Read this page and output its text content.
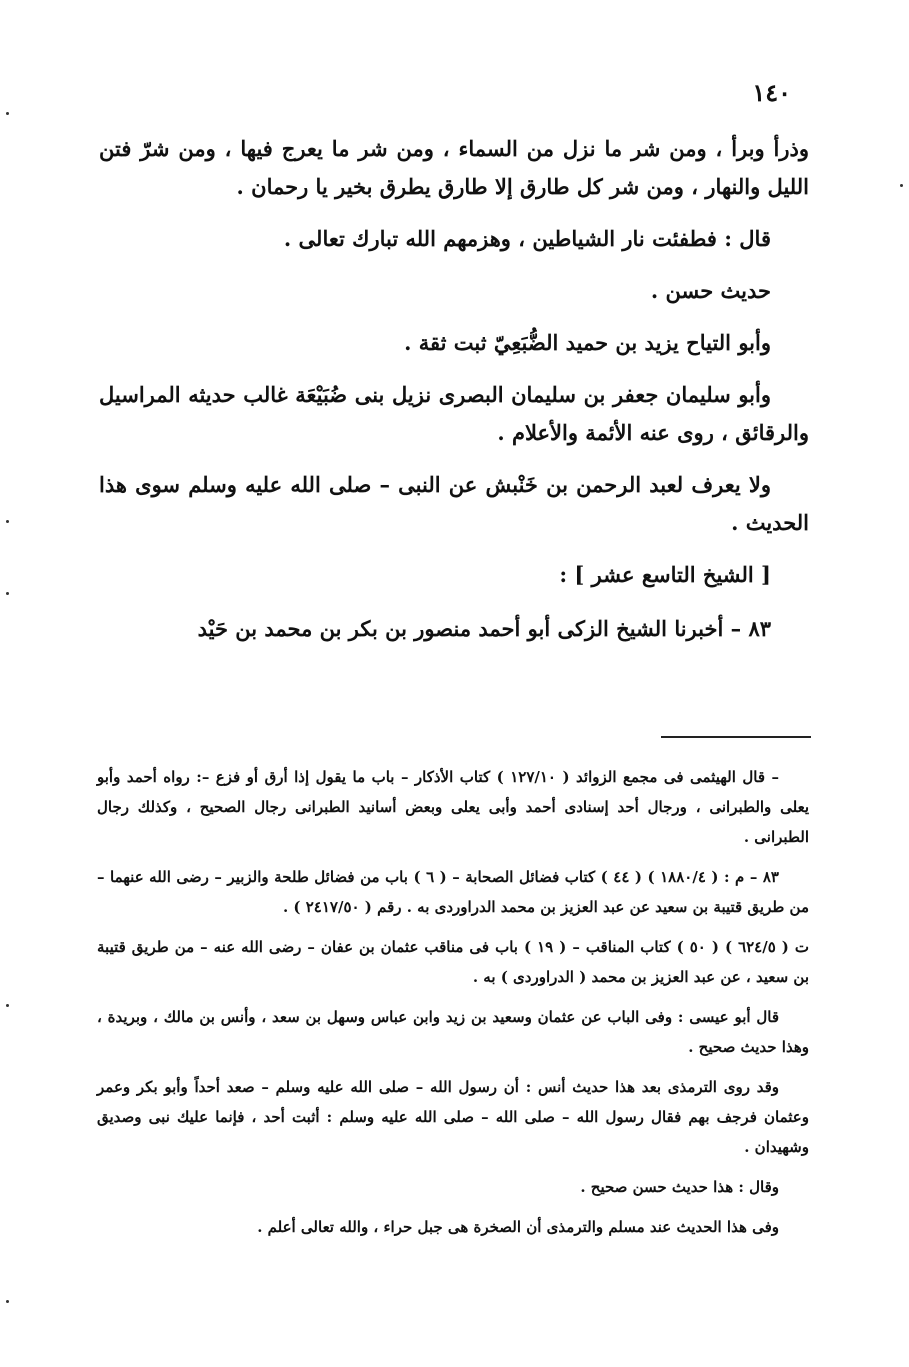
١٤٠

وذرأ وبرأ ، ومن شر ما نزل من السماء ، ومن شر ما يعرج فيها ، ومن شرّ فتن الليل والنهار ، ومن شر كل طارق إلا طارق يطرق بخير يا رحمان .

قال : فطفئت نار الشياطين ، وهزمهم الله تبارك تعالى .

حديث حسن .

وأبو التياح يزيد بن حميد الضُّبَعِيّ ثبت ثقة .

وأبو سليمان جعفر بن سليمان البصرى نزيل بنى ضُبَيْعَة غالب حديثه المراسيل والرقائق ، روى عنه الأئمة والأعلام .

ولا يعرف لعبد الرحمن بن خَنْبش عن النبى – صلى الله عليه وسلم سوى هذا الحديث .

[ الشيخ التاسع عشر ] :

٨٣ – أخبرنا الشيخ الزكى أبو أحمد منصور بن بكر بن محمد بن حَيْد

– قال الهيثمى فى مجمع الزوائد ( ١٢٧/١٠ ) كتاب الأذكار – باب ما يقول إذا أرق أو فزع –: رواه أحمد وأبو يعلى والطبرانى ، ورجال أحد إسنادى أحمد وأبى يعلى وبعض أسانيد الطبرانى رجال الصحيح ، وكذلك رجال الطبرانى .

٨٣ – م : ( ١٨٨٠/٤ ) ( ٤٤ ) كتاب فضائل الصحابة – ( ٦ ) باب من فضائل طلحة والزبير – رضى الله عنهما – من طريق قتيبة بن سعيد عن عبد العزيز بن محمد الدراوردى به . رقم ( ٢٤١٧/٥٠ ) .

ت ( ٦٢٤/٥ ) ( ٥٠ ) كتاب المناقب – ( ١٩ ) باب فى مناقب عثمان بن عفان – رضى الله عنه – من طريق قتيبة بن سعيد ، عن عبد العزيز بن محمد ( الدراوردى ) به .

قال أبو عيسى : وفى الباب عن عثمان وسعيد بن زيد وابن عباس وسهل بن سعد ، وأنس بن مالك ، وبريدة ، وهذا حديث صحيح .

وقد روى الترمذى بعد هذا حديث أنس : أن رسول الله – صلى الله عليه وسلم – صعد أحداً وأبو بكر وعمر وعثمان فرجف بهم فقال رسول الله – صلى الله – صلى الله عليه وسلم : أثبت أحد ، فإنما عليك نبى وصديق وشهيدان .

وقال : هذا حديث حسن صحيح .

وفى هذا الحديث عند مسلم والترمذى أن الصخرة هى جبل حراء ، والله تعالى أعلم .
